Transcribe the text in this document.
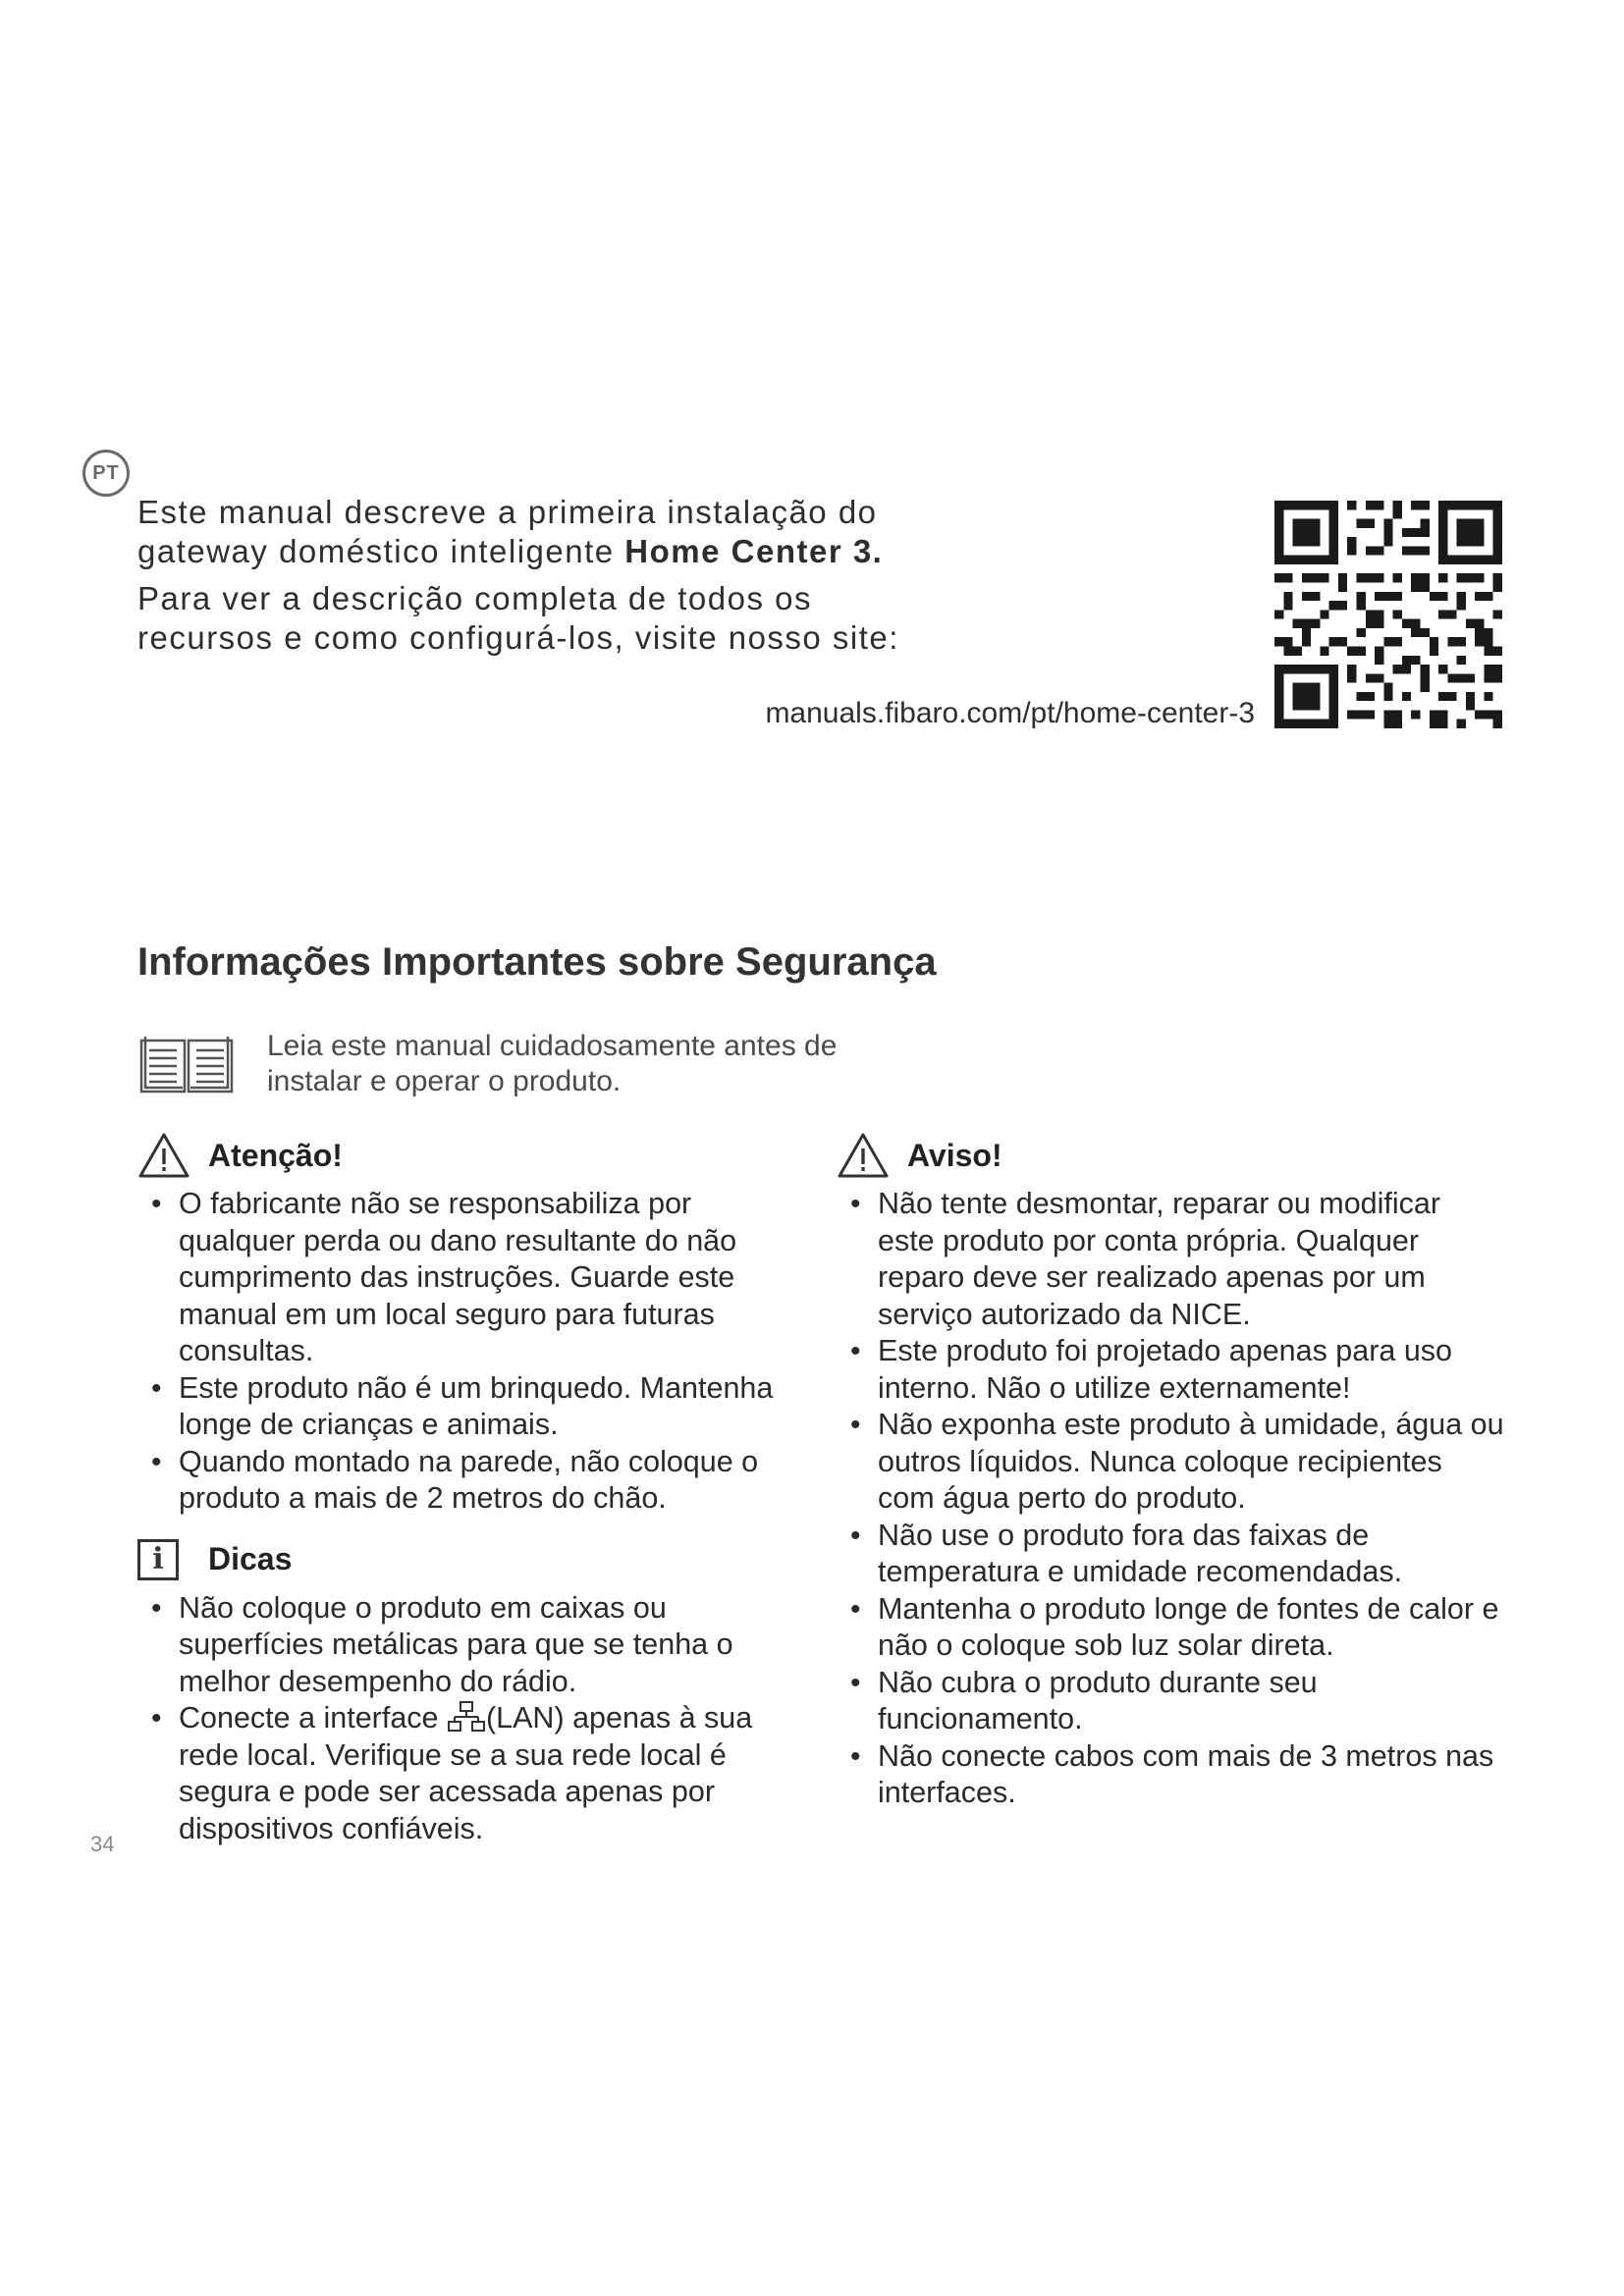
PT

Este manual descreve a primeira instalação do gateway doméstico inteligente Home Center 3.

Para ver a descrição completa de todos os recursos e como configurá-los, visite nosso site:

manuals.fibaro.com/pt/home-center-3
Informações Importantes sobre Segurança
Leia este manual cuidadosamente antes de instalar e operar o produto.
Atenção!
• O fabricante não se responsabiliza por qualquer perda ou dano resultante do não cumprimento das instruções. Guarde este manual em um local seguro para futuras consultas.
• Este produto não é um brinquedo. Mantenha longe de crianças e animais.
• Quando montado na parede, não coloque o produto a mais de 2 metros do chão.
i	Dicas
• Não coloque o produto em caixas ou superfícies metálicas para que se tenha o melhor desempenho do rádio.
• Conecte a interface (LAN) apenas à sua rede local. Verifique se a sua rede local é segura e pode ser acessada apenas por dispositivos confiáveis.
Aviso!
• Não tente desmontar, reparar ou modificar este produto por conta própria. Qualquer reparo deve ser realizado apenas por um serviço autorizado da NICE.
• Este produto foi projetado apenas para uso interno. Não o utilize externamente!
• Não exponha este produto à umidade, água ou outros líquidos. Nunca coloque recipientes com água perto do produto.
• Não use o produto fora das faixas de temperatura e umidade recomendadas.
• Mantenha o produto longe de fontes de calor e não o coloque sob luz solar direta.
• Não cubra o produto durante seu funcionamento.
• Não conecte cabos com mais de 3 metros nas interfaces.
34
